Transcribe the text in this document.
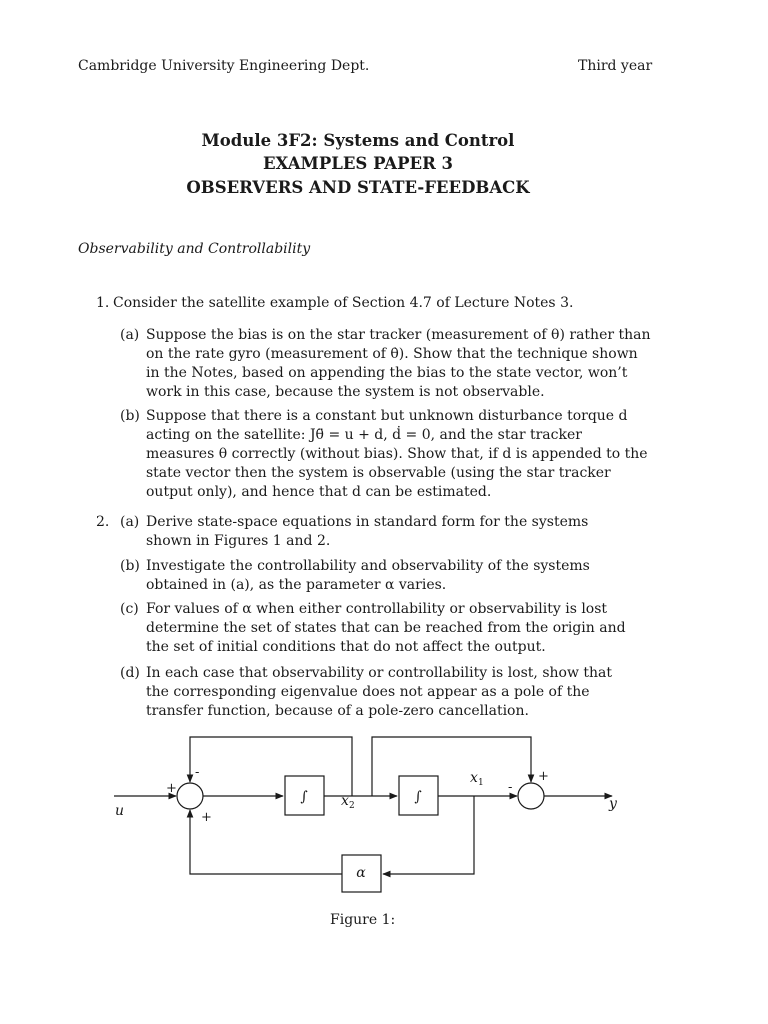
Cambridge University Engineering Dept.	Third year
Module 3F2: Systems and Control
EXAMPLES PAPER 3
OBSERVERS AND STATE-FEEDBACK
Observability and Controllability
1. Consider the satellite example of Section 4.7 of Lecture Notes 3.
(a) Suppose the bias is on the star tracker (measurement of θ) rather than on the rate gyro (measurement of θ̇). Show that the technique shown in the Notes, based on appending the bias to the state vector, won’t work in this case, because the system is not observable.
(b) Suppose that there is a constant but unknown disturbance torque d acting on the satellite: Jθ̈ = u + d, ḋ = 0, and the star tracker measures θ correctly (without bias). Show that, if d is appended to the state vector then the system is observable (using the star tracker output only), and hence that d can be estimated.
2. (a) Derive state-space equations in standard form for the systems shown in Figures 1 and 2.
(b) Investigate the controllability and observability of the systems obtained in (a), as the parameter α varies.
(c) For values of α when either controllability or observability is lost determine the set of states that can be reached from the origin and the set of initial conditions that do not affect the output.
(d) In each case that observability or controllability is lost, show that the corresponding eigenvalue does not appear as a pole of the transfer function, because of a pole-zero cancellation.
∫	∫
α
u	y
x 1
x 2
-
+
+
-
+
Figure 1:
